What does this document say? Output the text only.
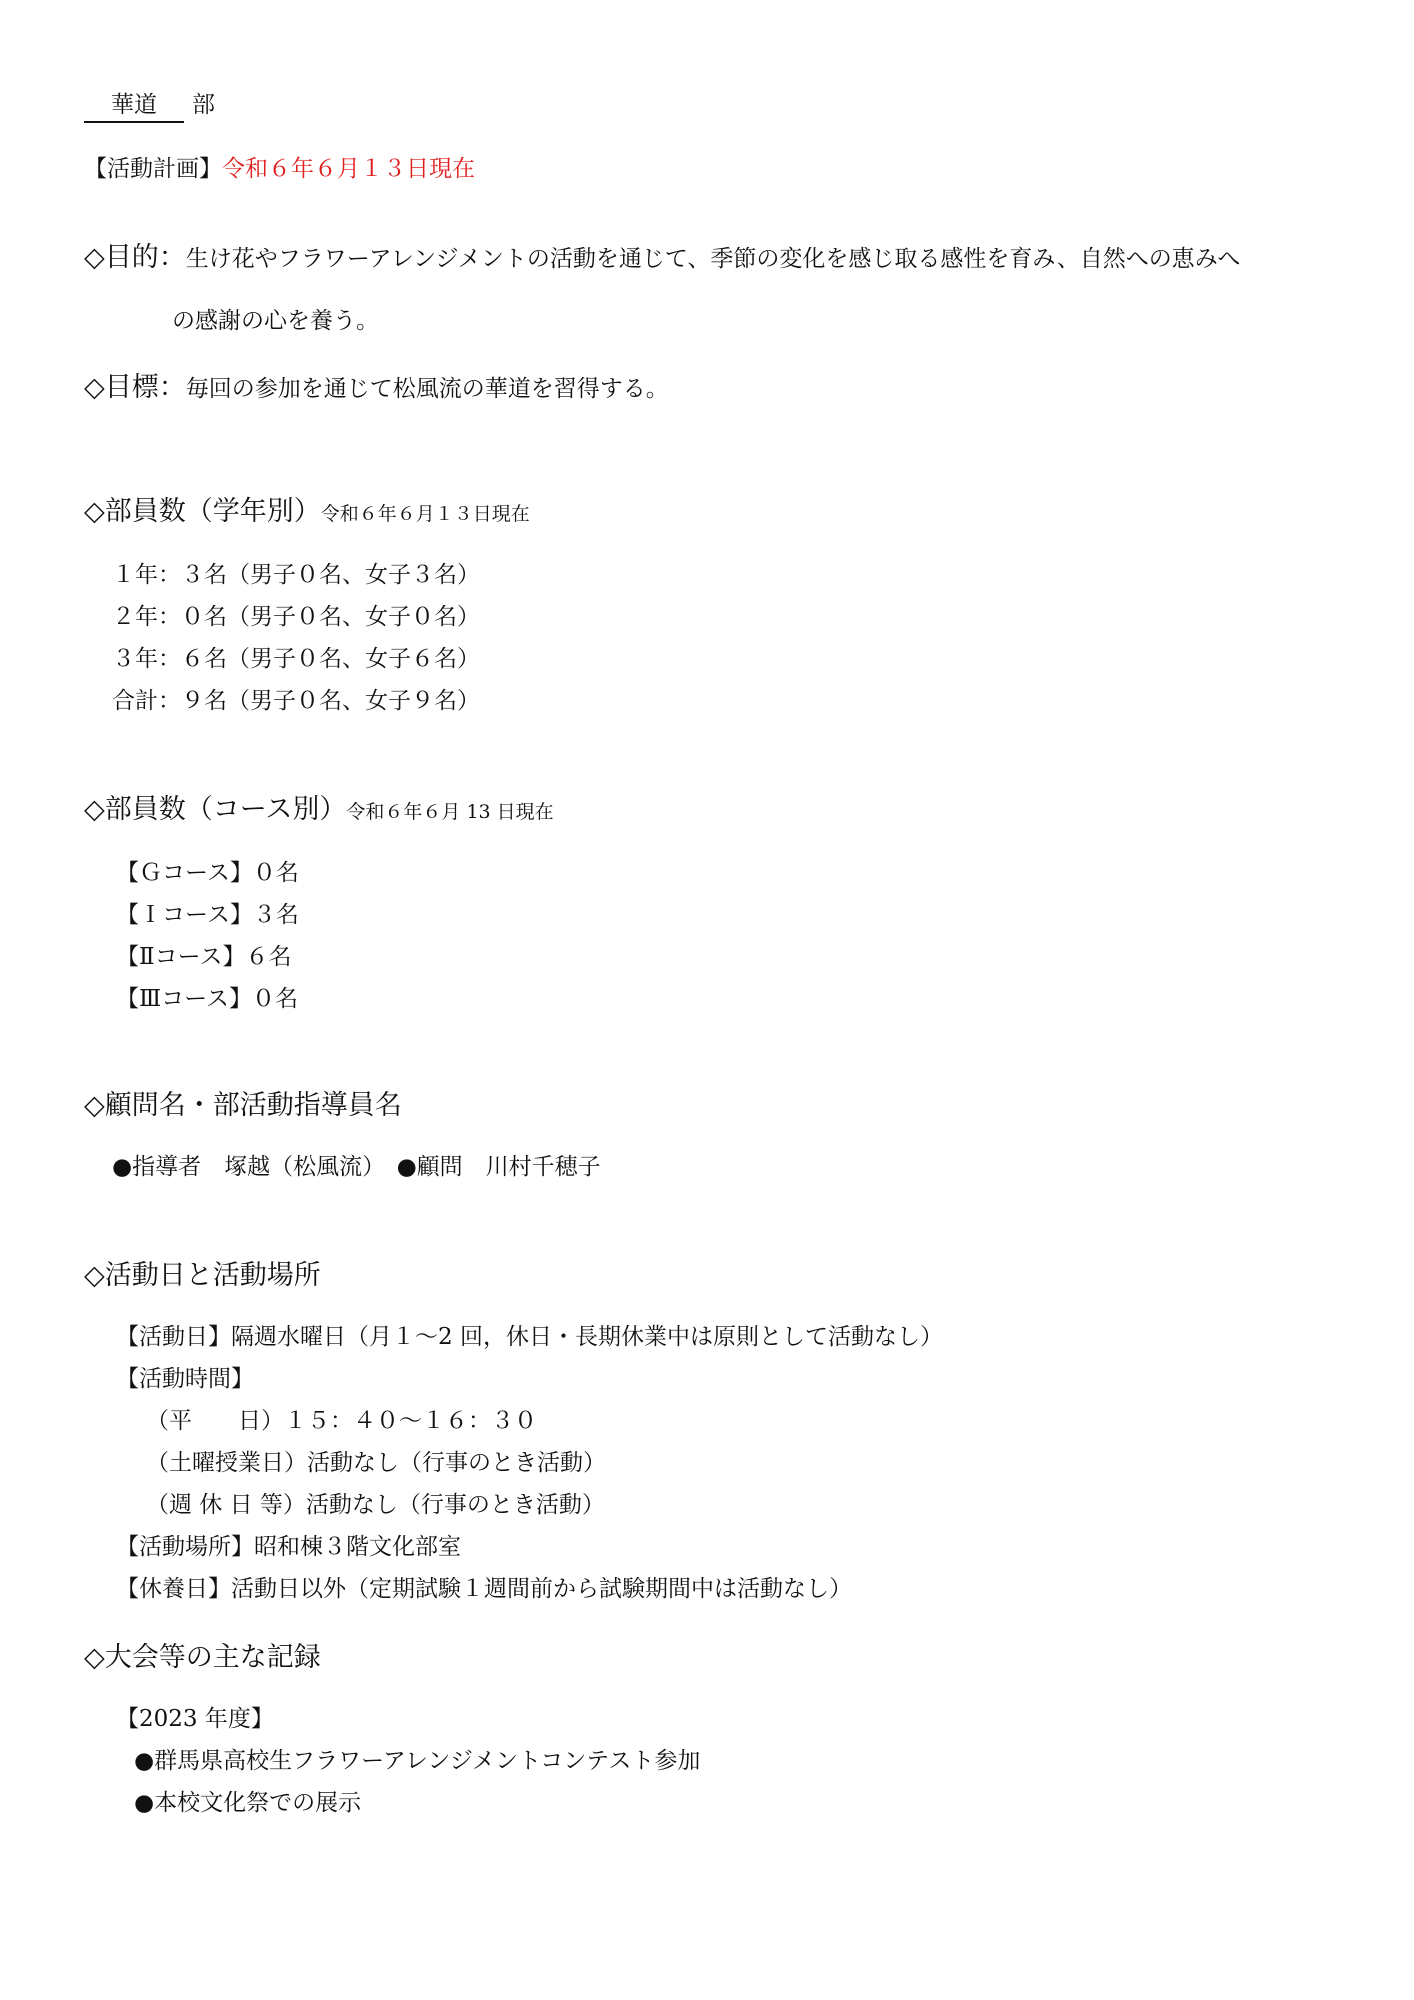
華道 部
【活動計画】令和６年６月１３日現在
◇目的：生け花やフラワーアレンジメントの活動を通じて、季節の変化を感じ取る感性を育み、自然への恵みへ
の感謝の心を養う。
◇目標：毎回の参加を通じて松風流の華道を習得する。
◇部員数（学年別）令和６年６月１３日現在
１年：３名（男子０名、女子３名）
２年：０名（男子０名、女子０名）
３年：６名（男子０名、女子６名）
合計：９名（男子０名、女子９名）
◇部員数（コース別）令和６年６月 13 日現在
【Ｇコース】０名
【Ｉコース】３名
【Ⅱコース】６名
【Ⅲコース】０名
◇顧問名・部活動指導員名
●指導者　塚越（松風流）　●顧問　川村千穂子
◇活動日と活動場所
【活動日】隔週水曜日（月１〜2 回，休日・長期休業中は原則として活動なし）
【活動時間】
（平　　日）１５：４０〜１６：３０
（土曜授業日）活動なし（行事のとき活動）
（週 休 日 等）活動なし（行事のとき活動）
【活動場所】昭和棟３階文化部室
【休養日】活動日以外（定期試験１週間前から試験期間中は活動なし）
◇大会等の主な記録
【2023 年度】
●群馬県高校生フラワーアレンジメントコンテスト参加
●本校文化祭での展示
